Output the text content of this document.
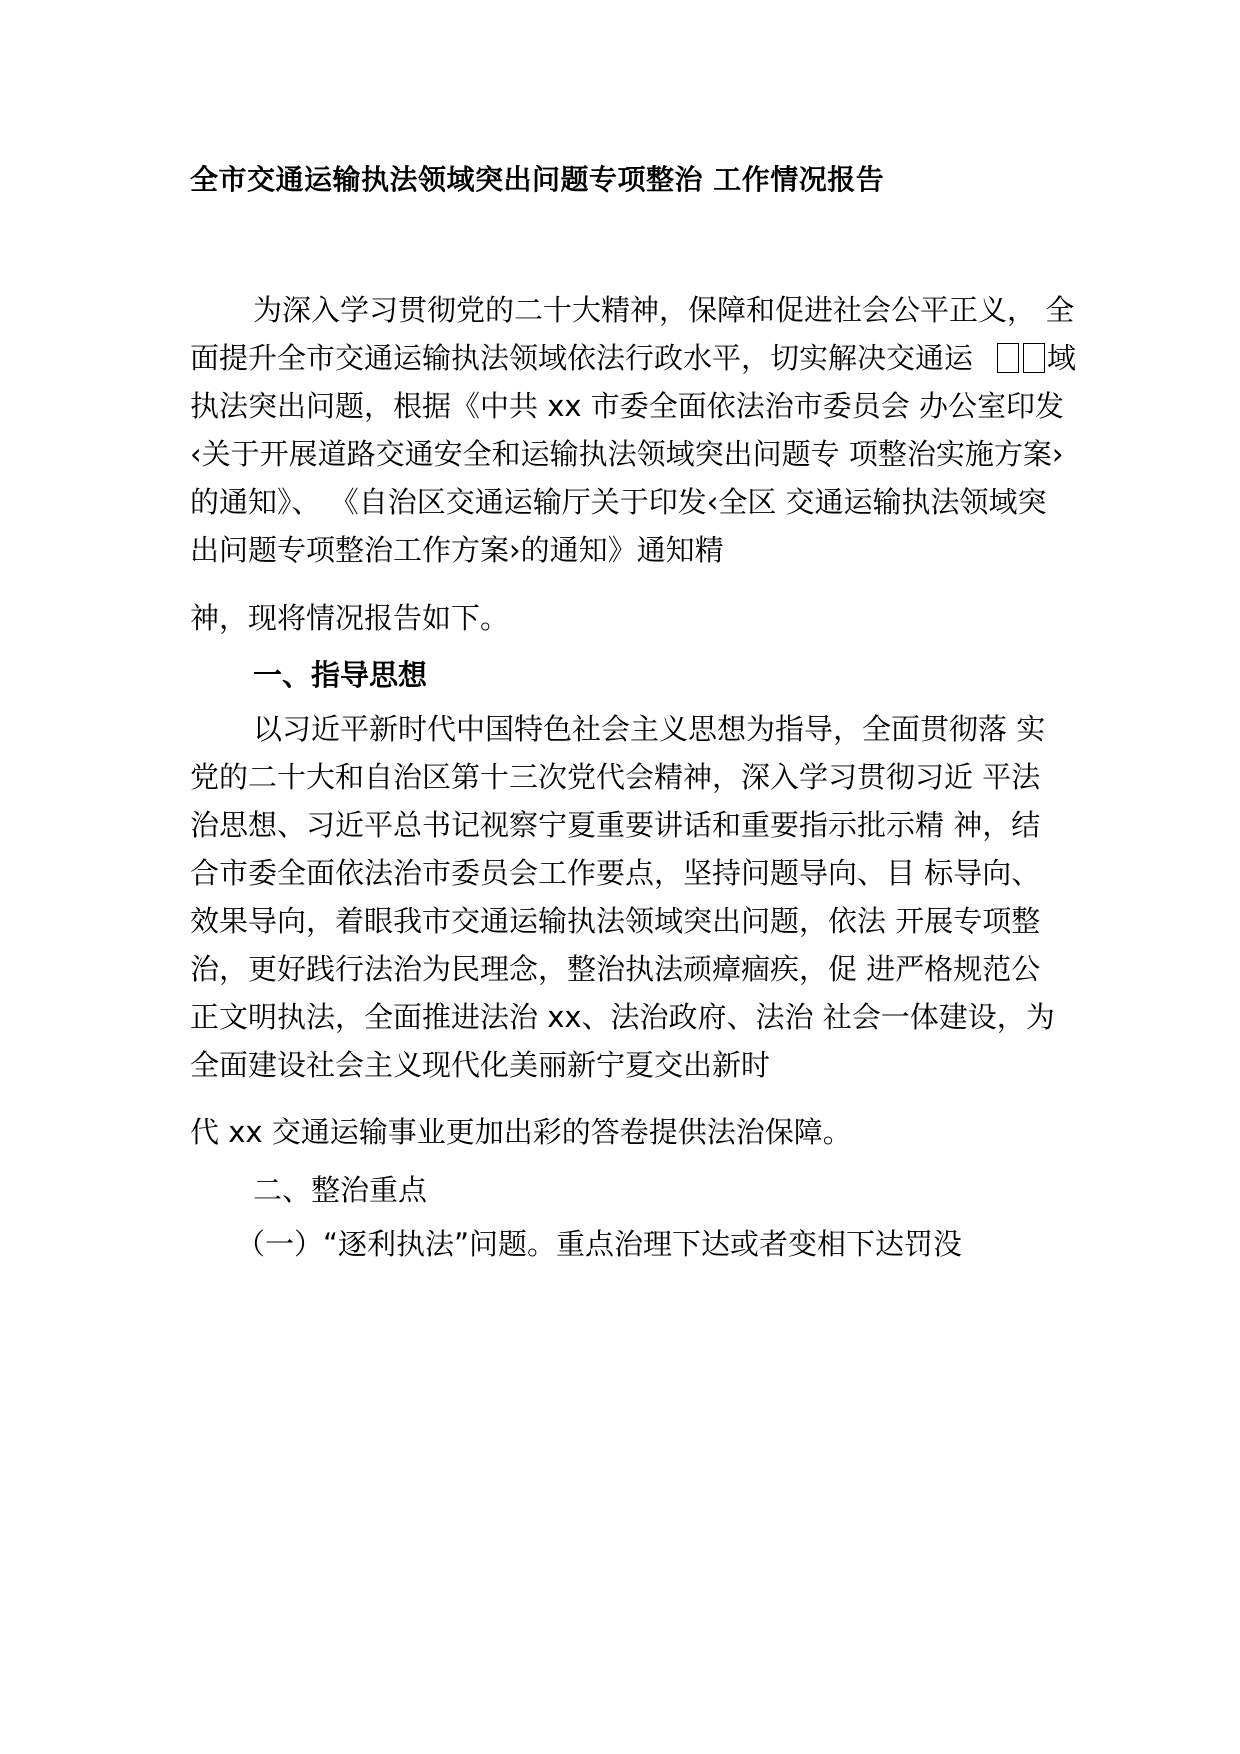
全市交通运输执法领域突出问题专项整治 工作情况报告
为深入学习贯彻党的二十大精神，保障和促进社会公平正义， 全
面提升全市交通运输执法领域依法行政水平，切实解决交通运	域
执法突出问题，根据《中共 xx 市委全面依法治市委员会 办公室印发
‹关于开展道路交通安全和运输执法领域突出问题专 项整治实施方案›
的通知》、 《自治区交通运输厅关于印发‹全区 交通运输执法领域突
出问题专项整治工作方案›的通知》通知精
神，现将情况报告如下。
一、指导思想
以习近平新时代中国特色社会主义思想为指导，全面贯彻落 实
党的二十大和自治区第十三次党代会精神，深入学习贯彻习近 平法
治思想、习近平总书记视察宁夏重要讲话和重要指示批示精 神，结
合市委全面依法治市委员会工作要点，坚持问题导向、目 标导向、
效果导向，着眼我市交通运输执法领域突出问题，依法 开展专项整
治，更好践行法治为民理念，整治执法顽瘴痼疾，促 进严格规范公
正文明执法，全面推进法治 xx、法治政府、法治 社会一体建设，为
全面建设社会主义现代化美丽新宁夏交出新时
代 xx 交通运输事业更加出彩的答卷提供法治保障。
二、整治重点
（一）“逐利执法”问题。重点治理下达或者变相下达罚没
